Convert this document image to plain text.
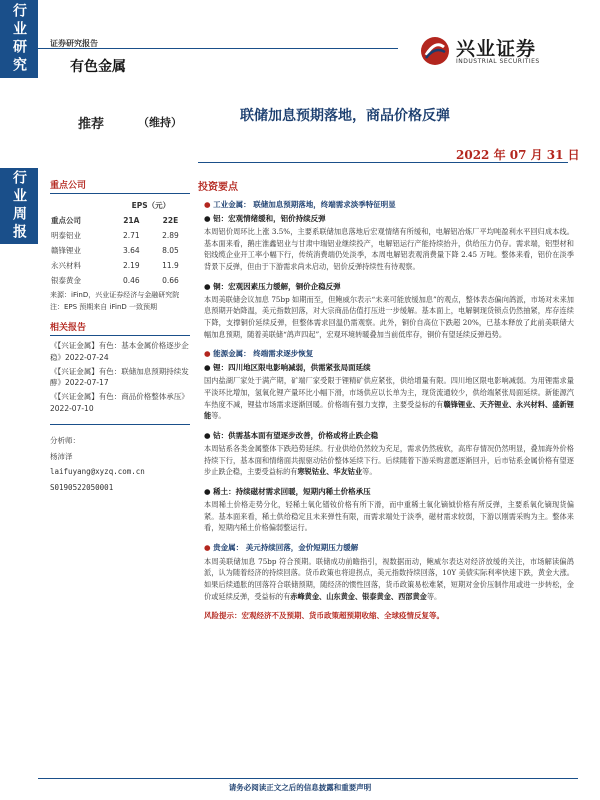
行业研究
行业周报
证券研究报告
有色金属
兴业证券
INDUSTRIAL SECURITIES
推荐	（维持）	联储加息预期落地，商品价格反弹
2022 年 07 月 31 日
重点公司
	EPS（元）	
重点公司	21A	22E
明泰铝业	2.71	2.89
赣锋锂业	3.64	8.05
永兴材料	2.19	11.9
银泰黄金	0.46	0.66
来源：iFinD，兴业证券经济与金融研究院
注：EPS 预期来自 iFinD 一致预期
相关报告
《【兴证金属】有色：基本金属价格逐步企稳》2022-07-24
《【兴证金属】有色：联储加息预期持续发酵》2022-07-17
《【兴证金属】有色：商品价格整体承压》2022-07-10
分析师：
杨沛泽
laifuyang@xyzq.com.cn
S0190522050001
投资要点
● 工业金属： 联储加息预期落地，终端需求淡季特征明显
● 铝：宏观情绪缓和，铝价持续反弹
本周铝价周环比上涨 3.5%，主要系联储加息落地后宏观情绪有所缓和，电解铝冶炼厂平均吨盈利水平回归成本线。基本面来看，鹅庄淮鑫铝业与甘肃中瑞铝业继续投产，电解铝运行产能持续抬升，供给压力仍存。需求端，铝型材和铝线缆企业开工率小幅下行，传统消费端仍处淡季，本周电解铝表观消费量下降 2.45 万吨。整体来看，铝价在淡季背景下反弹，但由于下游需求尚未启动，铝价反弹持续性有待观察。
● 铜：宏观因素压力缓解，铜价企稳反弹
本周美联储会议加息 75bp 如期而至，但鲍威尔表示“未来可能放缓加息”的观点，整体表态偏向鸽派，市场对未来加息预期开始降温，美元指数回落，对大宗商品估值打压进一步缓解。基本面上，电解铜现货锁点仍然抽紧，库存连续下降，支撑铜价延续反弹，但整体需求回温仍需观察。此外，铜价自高位下跌超 20%，已基本释放了此前美联储大幅加息预期，随着美联储“鸽声四起”，宏观环境转暖叠加当前低库存，铜价有望延续反弹趋势。
● 能源金属： 终端需求逐步恢复
● 锂：四川地区限电影响减弱，供需紧张局面延续
国内盐湖厂家处于满产期，矿端厂家受限于锂精矿供应紧张，供给增量有限。四川地区限电影响减弱。为用锂需求量平淡环比增加，氢氧化锂产量环比小幅下滑，市场供应以长单为主，现货流通较少，供给端紧张局面延续。新能源汽车热度不减，锂盐市场需求逐渐回暖。价格端有强力支撑，主要受益标的有赣锋锂业、天齐锂业、永兴材料、盛新锂能等。
● 钴：供需基本面有望逐步改善，价格或将止跌企稳
本周钴系各类金属整体下跌趋势延续。行业供给仍然较为充足，需求仍然疲软，高库存情况仍然明显，叠加海外价格持续下行，基本面和情绪面共振驱动钴价整体延续下行。后续随着下游采购意愿逐渐回升，后市钴系金属价格有望逐步止跌企稳，主要受益标的有寒锐钴业、华友钴业等。
● 稀土：持续磁材需求回暖，短期内稀土价格承压
本周稀土价格走势分化，轻稀土氧化镨钕价格有所下滑，而中重稀土氧化镝钺价格有所反弹，主要系氧化镝现货偏紧。基本面来看，稀土供给稳定且未来弹性有限，而需求端处于淡季，磁材需求较弱，下游以刚需采购为主。整体来看，短期内稀土价格偏弱整运行。
● 贵金属： 美元持续回落，金价短期压力缓解
本周美联储加息 75bp 符合预期。联储成功前瞻指引，视数据而动，鲍威尔表达对经济放缓的关注，市场解读偏鸽派，认为随着经济的持续回落。货币政策也将迎拐点，美元指数持续回落，10Y 美债实际利率快速下跌，黄金大涨。如果后续通胀的回落符合联储预期，随经济的惯性回落，货币政策易松难紧，短期对金价压制作用或进一步转松，金价或延续反弹，受益标的有赤峰黄金、山东黄金、银泰黄金、西部黄金等。
风险提示：宏观经济不及预期、货币政策超预期收缩、全球疫情反复等。
请务必阅读正文之后的信息披露和重要声明
